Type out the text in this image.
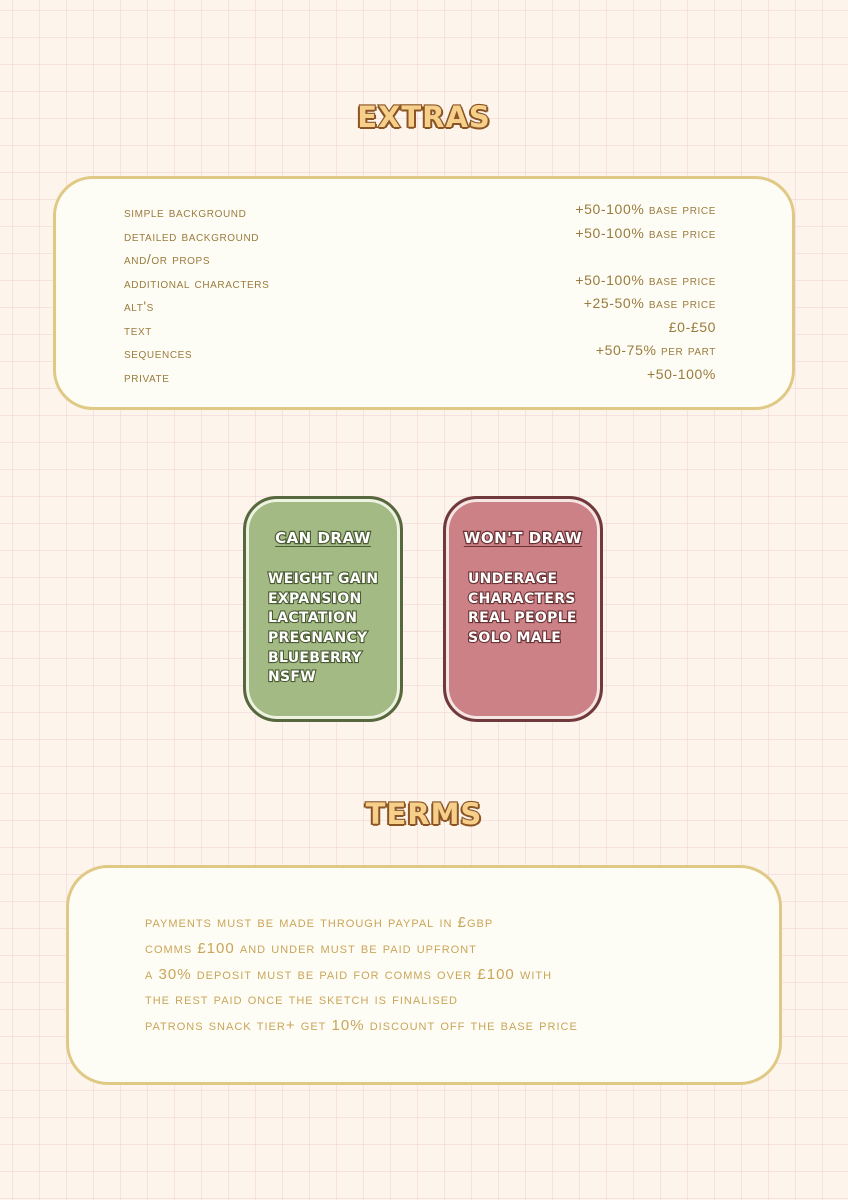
EXTRAS
simple background	+50-100% base price
detailed background	+50-100% base price
and/or props
additional characters	+50-100% base price
alt's	+25-50% base price
text	£0-£50
sequences	+50-75% per part
private	+50-100%
CAN DRAW
WEIGHT GAIN
EXPANSION
LACTATION
PREGNANCY
BLUEBERRY
NSFW
WON'T DRAW
UNDERAGE
CHARACTERS
REAL PEOPLE
SOLO MALE
TERMS
payments must be made through paypal in £gbp
comms £100 and under must be paid upfront
a 30% deposit must be paid for comms over £100 with
the rest paid once the sketch is finalised
patrons snack tier+ get 10% discount off the base price
